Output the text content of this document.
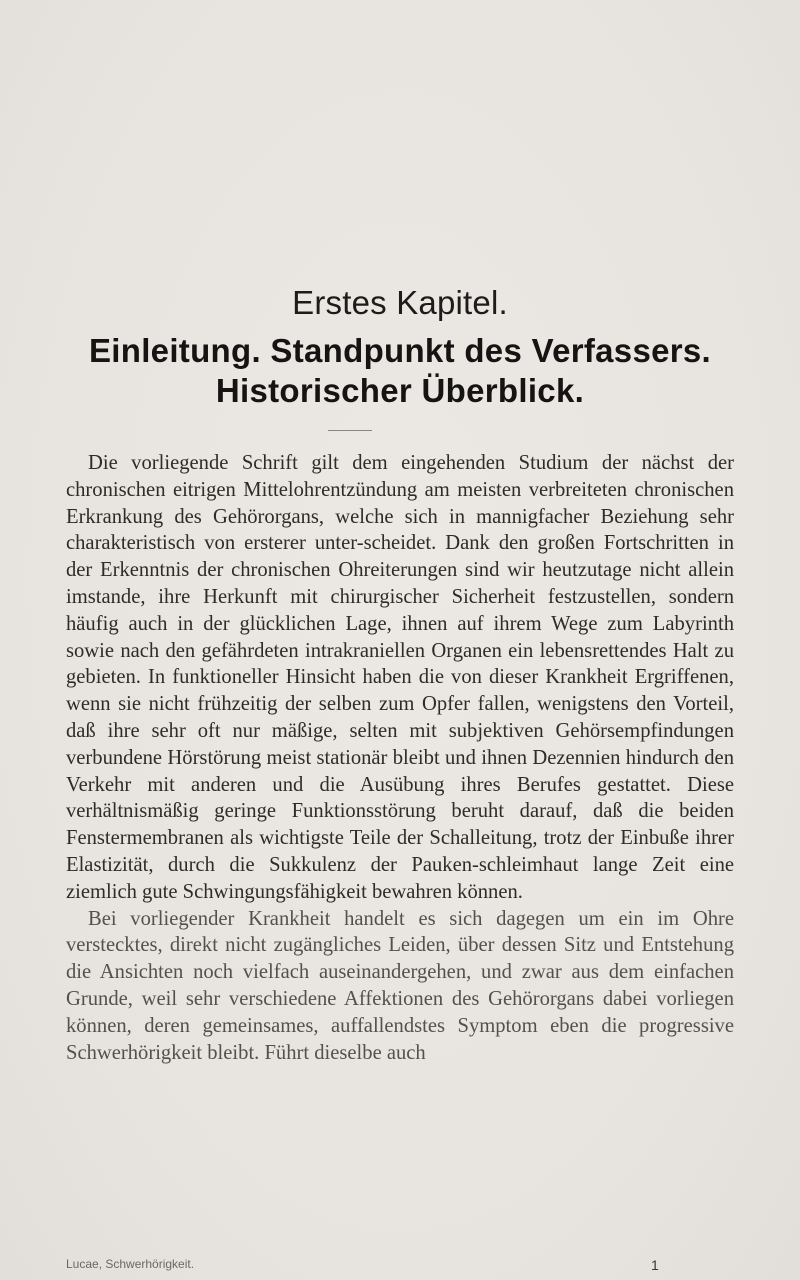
Erstes Kapitel.
Einleitung. Standpunkt des Verfassers.
Historischer Überblick.

Die vorliegende Schrift gilt dem eingehenden Studium der nächst der chronischen eitrigen Mittelohrentzündung am meisten verbreiteten chronischen Erkrankung des Gehörorgans, welche sich in mannigfacher Beziehung sehr charakteristisch von ersterer unter-scheidet. Dank den großen Fortschritten in der Erkenntnis der chronischen Ohreiterungen sind wir heutzutage nicht allein imstande, ihre Herkunft mit chirurgischer Sicherheit festzustellen, sondern häufig auch in der glücklichen Lage, ihnen auf ihrem Wege zum Labyrinth sowie nach den gefährdeten intrakraniellen Organen ein lebensrettendes Halt zu gebieten. In funktioneller Hinsicht haben die von dieser Krankheit Ergriffenen, wenn sie nicht frühzeitig der selben zum Opfer fallen, wenigstens den Vorteil, daß ihre sehr oft nur mäßige, selten mit subjektiven Gehörsempfindungen verbundene Hörstörung meist stationär bleibt und ihnen Dezennien hindurch den Verkehr mit anderen und die Ausübung ihres Berufes gestattet. Diese verhältnismäßig geringe Funktionsstörung beruht darauf, daß die beiden Fenstermembranen als wichtigste Teile der Schalleitung, trotz der Einbuße ihrer Elastizität, durch die Sukkulenz der Pauken-schleimhaut lange Zeit eine ziemlich gute Schwingungsfähigkeit bewahren können.

Bei vorliegender Krankheit handelt es sich dagegen um ein im Ohre verstecktes, direkt nicht zugängliches Leiden, über dessen Sitz und Entstehung die Ansichten noch vielfach auseinandergehen, und zwar aus dem einfachen Grunde, weil sehr verschiedene Affektionen des Gehörorgans dabei vorliegen können, deren gemeinsames, auffallendstes Symptom eben die progressive Schwerhörigkeit bleibt. Führt dieselbe auch

Lucae, Schwerhörigkeit.	1
